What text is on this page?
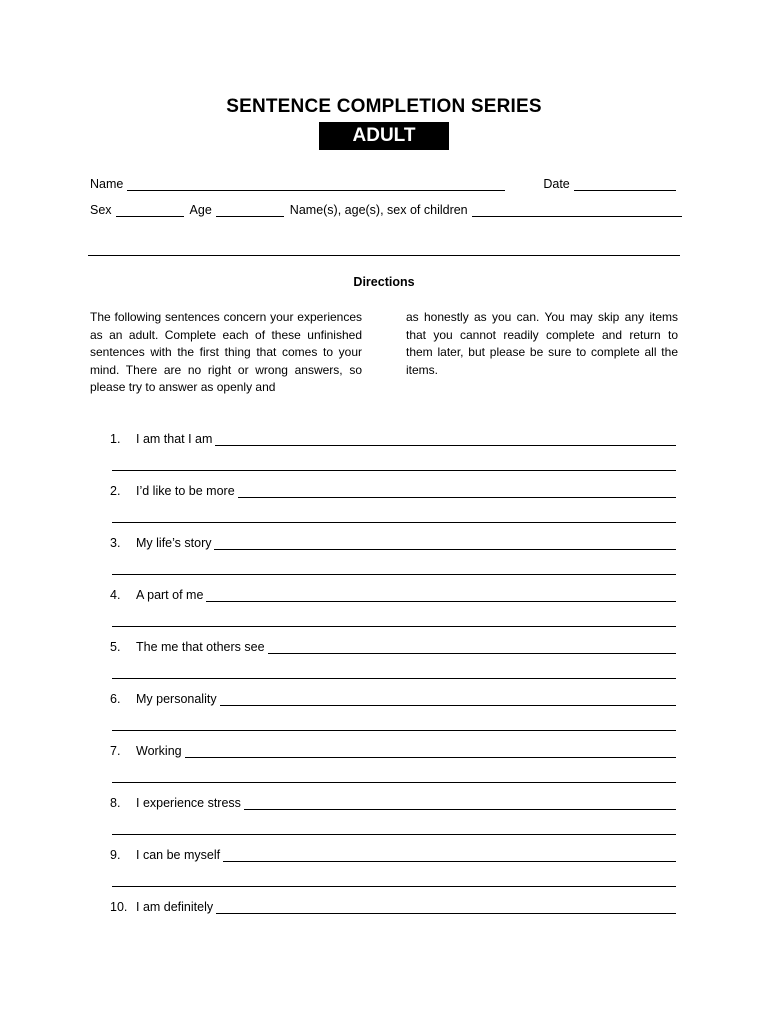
SENTENCE COMPLETION SERIES
ADULT
Name	Date
Sex	Age	Name(s), age(s), sex of children
Directions
The following sentences concern your experiences as an adult. Complete each of these unfinished sentences with the first thing that comes to your mind. There are no right or wrong answers, so please try to answer as openly and
as honestly as you can. You may skip any items that you cannot readily complete and return to them later, but please be sure to complete all the items.
1.	I am that I am
2.	I’d like to be more
3.	My life’s story
4.	A part of me
5.	The me that others see
6.	My personality
7.	Working
8.	I experience stress
9.	I can be myself
10. I am definitely
